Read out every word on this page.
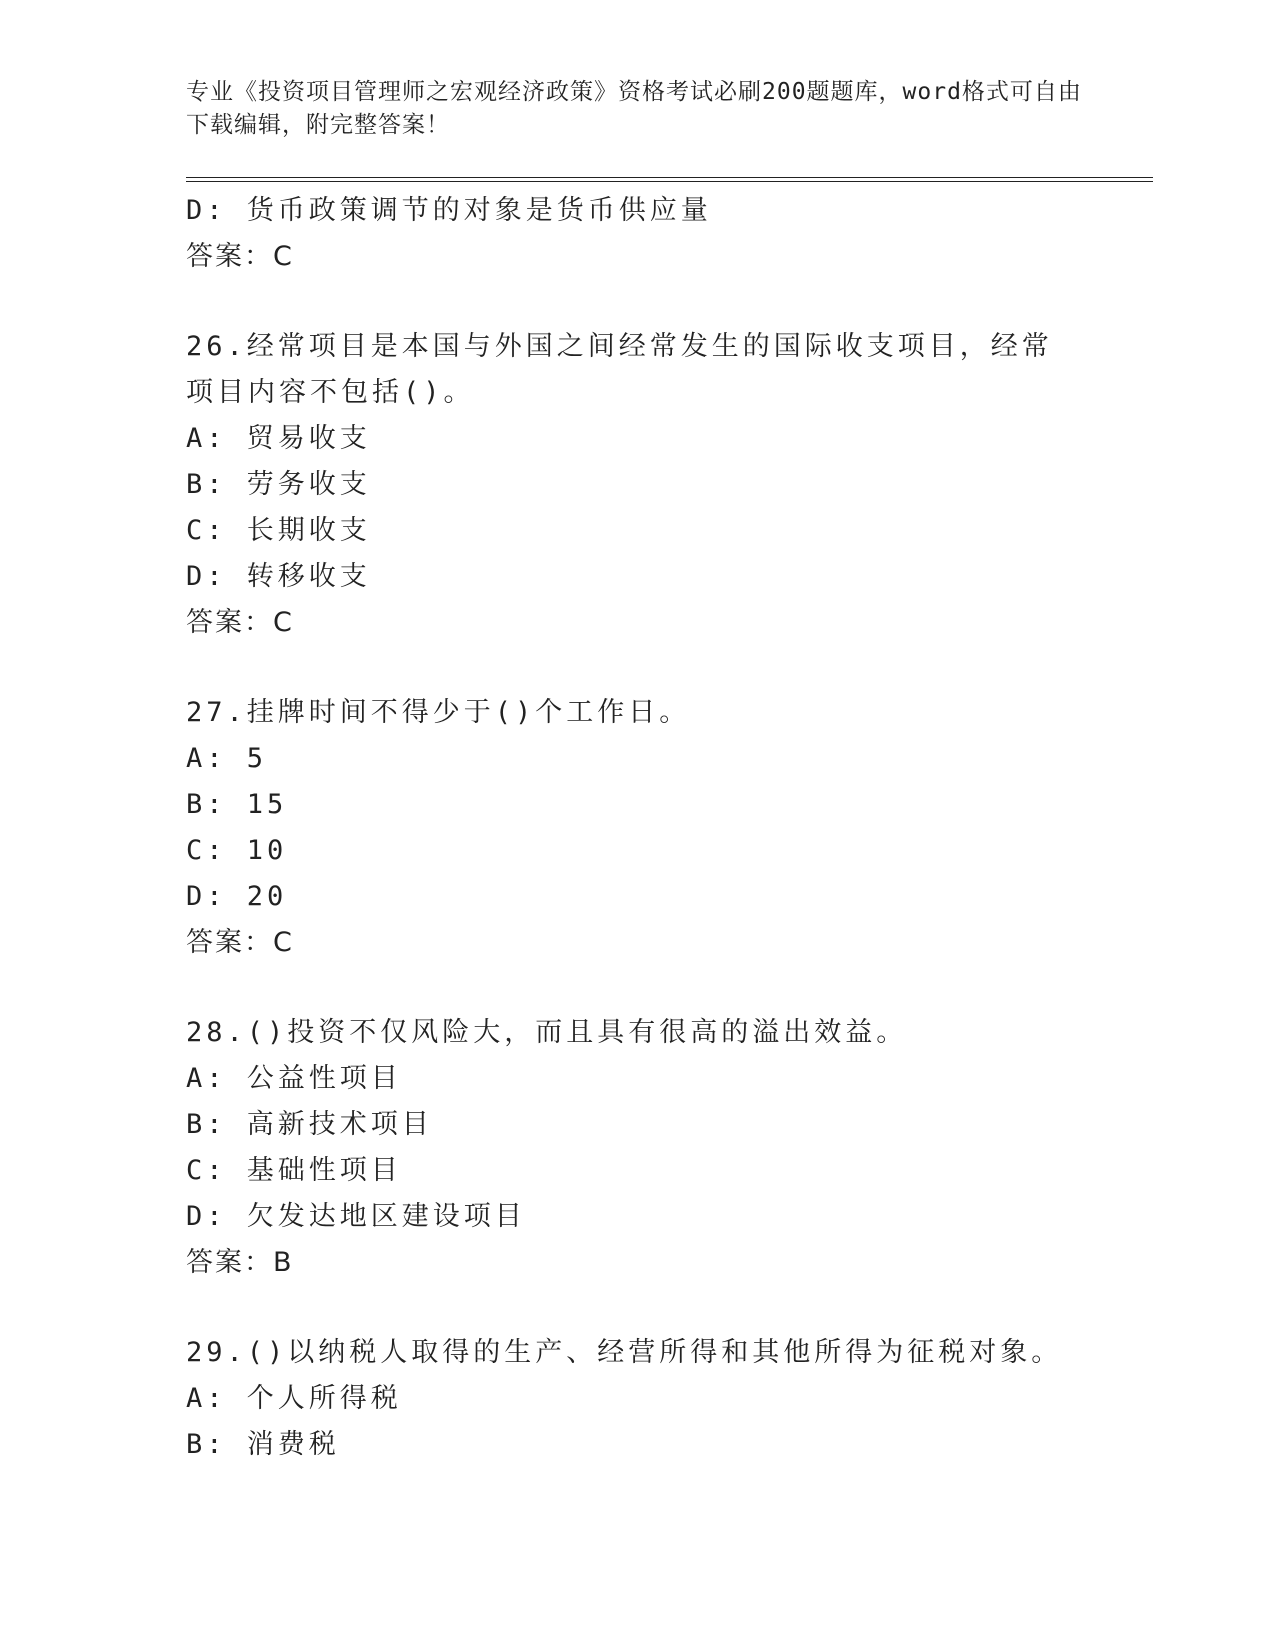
专业《投资项目管理师之宏观经济政策》资格考试必刷200题题库，word格式可自由下载编辑，附完整答案！
D: 货币政策调节的对象是货币供应量
答案：C
26.经常项目是本国与外国之间经常发生的国际收支项目，经常项目内容不包括()。
A: 贸易收支
B: 劳务收支
C: 长期收支
D: 转移收支
答案：C
27.挂牌时间不得少于()个工作日。
A: 5
B: 15
C: 10
D: 20
答案：C
28.()投资不仅风险大，而且具有很高的溢出效益。
A: 公益性项目
B: 高新技术项目
C: 基础性项目
D: 欠发达地区建设项目
答案：B
29.()以纳税人取得的生产、经营所得和其他所得为征税对象。
A: 个人所得税
B: 消费税
